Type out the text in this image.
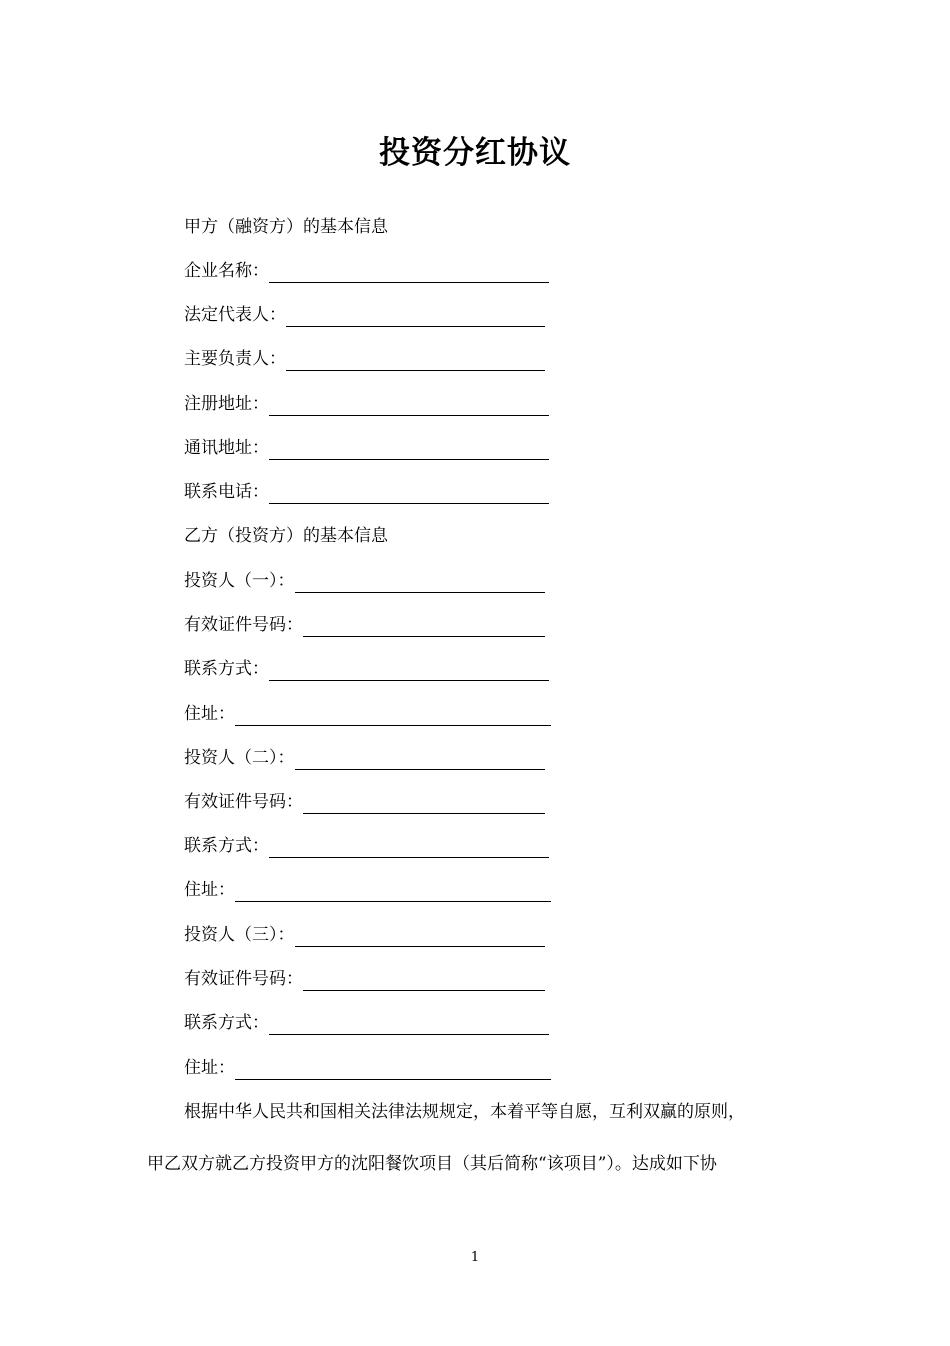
投资分红协议
甲方（融资方）的基本信息
企业名称：
法定代表人：
主要负责人：
注册地址：
通讯地址：
联系电话：
乙方（投资方）的基本信息
投资人（一）：
有效证件号码：
联系方式：
住址：
投资人（二）：
有效证件号码：
联系方式：
住址：
投资人（三）：
有效证件号码：
联系方式：
住址：
根据中华人民共和国相关法律法规规定，本着平等自愿，互利双赢的原则，
甲乙双方就乙方投资甲方的沈阳餐饮项目（其后简称“该项目”）。达成如下协
1
